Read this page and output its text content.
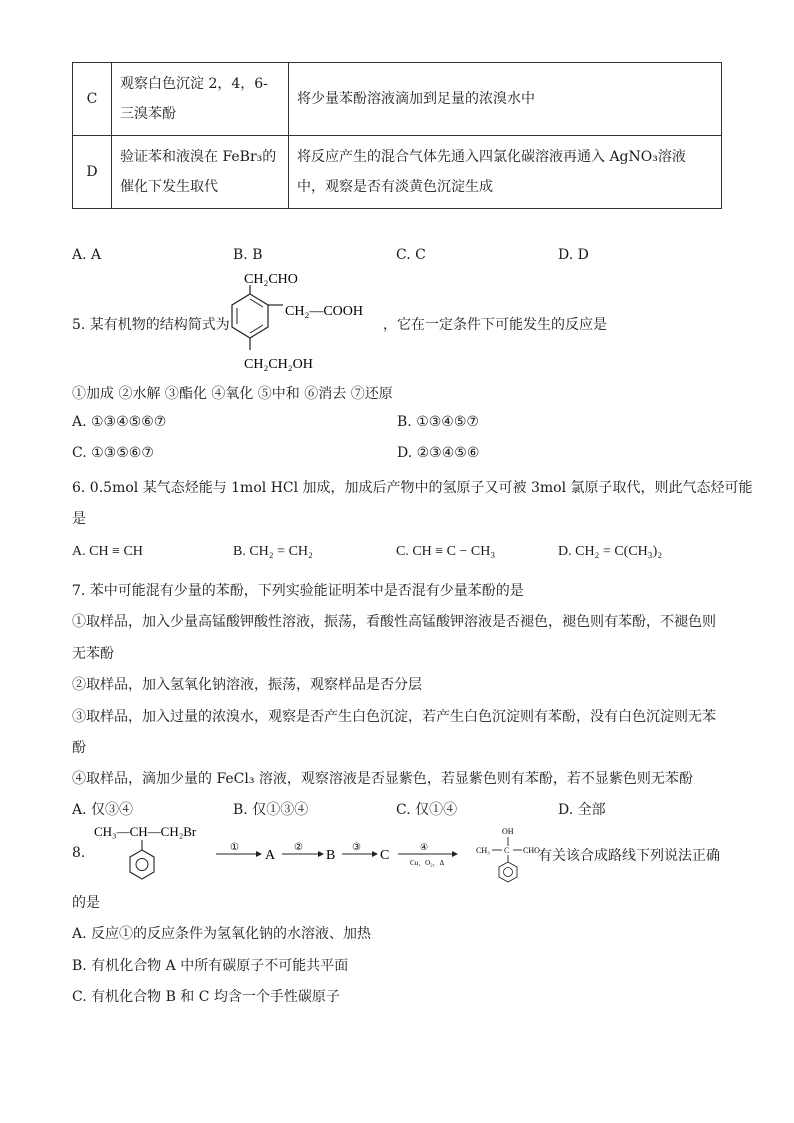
C	观察白色沉淀 2，4，6-三溴苯酚	将少量苯酚溶液滴加到足量的浓溴水中
D	验证苯和液溴在 FeBr₃的催化下发生取代	将反应产生的混合气体先通入四氯化碳溶液再通入 AgNO₃溶液中，观察是否有淡黄色沉淀生成
A. A	B. B	C. C	D. D
5. 某有机物的结构简式为
CH₂CHO
CH₂—COOH
CH₂CH₂OH
，它在一定条件下可能发生的反应是
①加成 ②水解 ③酯化 ④氧化 ⑤中和 ⑥消去 ⑦还原
A. ①③④⑤⑥⑦	B. ①③④⑤⑦
C. ①③⑤⑥⑦	D. ②③④⑤⑥
6. 0.5mol 某气态烃能与 1mol HCl 加成，加成后产物中的氢原子又可被 3mol 氯原子取代，则此气态烃可能
是
A. CH ≡ CH	B. CH₂ = CH₂	C. CH ≡ C − CH₃	D. CH₂ = C(CH₃)₂
7. 苯中可能混有少量的苯酚，下列实验能证明苯中是否混有少量苯酚的是
①取样品，加入少量高锰酸钾酸性溶液，振荡，看酸性高锰酸钾溶液是否褪色，褪色则有苯酚，不褪色则
无苯酚
②取样品，加入氢氧化钠溶液，振荡，观察样品是否分层
③取样品，加入过量的浓溴水，观察是否产生白色沉淀，若产生白色沉淀则有苯酚，没有白色沉淀则无苯
酚
④取样品，滴加少量的 FeCl₃ 溶液，观察溶液是否显紫色，若显紫色则有苯酚，若不显紫色则无苯酚
A. 仅③④	B. 仅①③④	C. 仅①④	D. 全部
8.
CH₃—CH—CH₂Br
①
A
②
B
③
C
④
Cu，O₂，Δ
OH
CH₃ C CHO
有关该合成路线下列说法正确
的是
A. 反应①的反应条件为氢氧化钠的水溶液、加热
B. 有机化合物 A 中所有碳原子不可能共平面
C. 有机化合物 B 和 C 均含一个手性碳原子
